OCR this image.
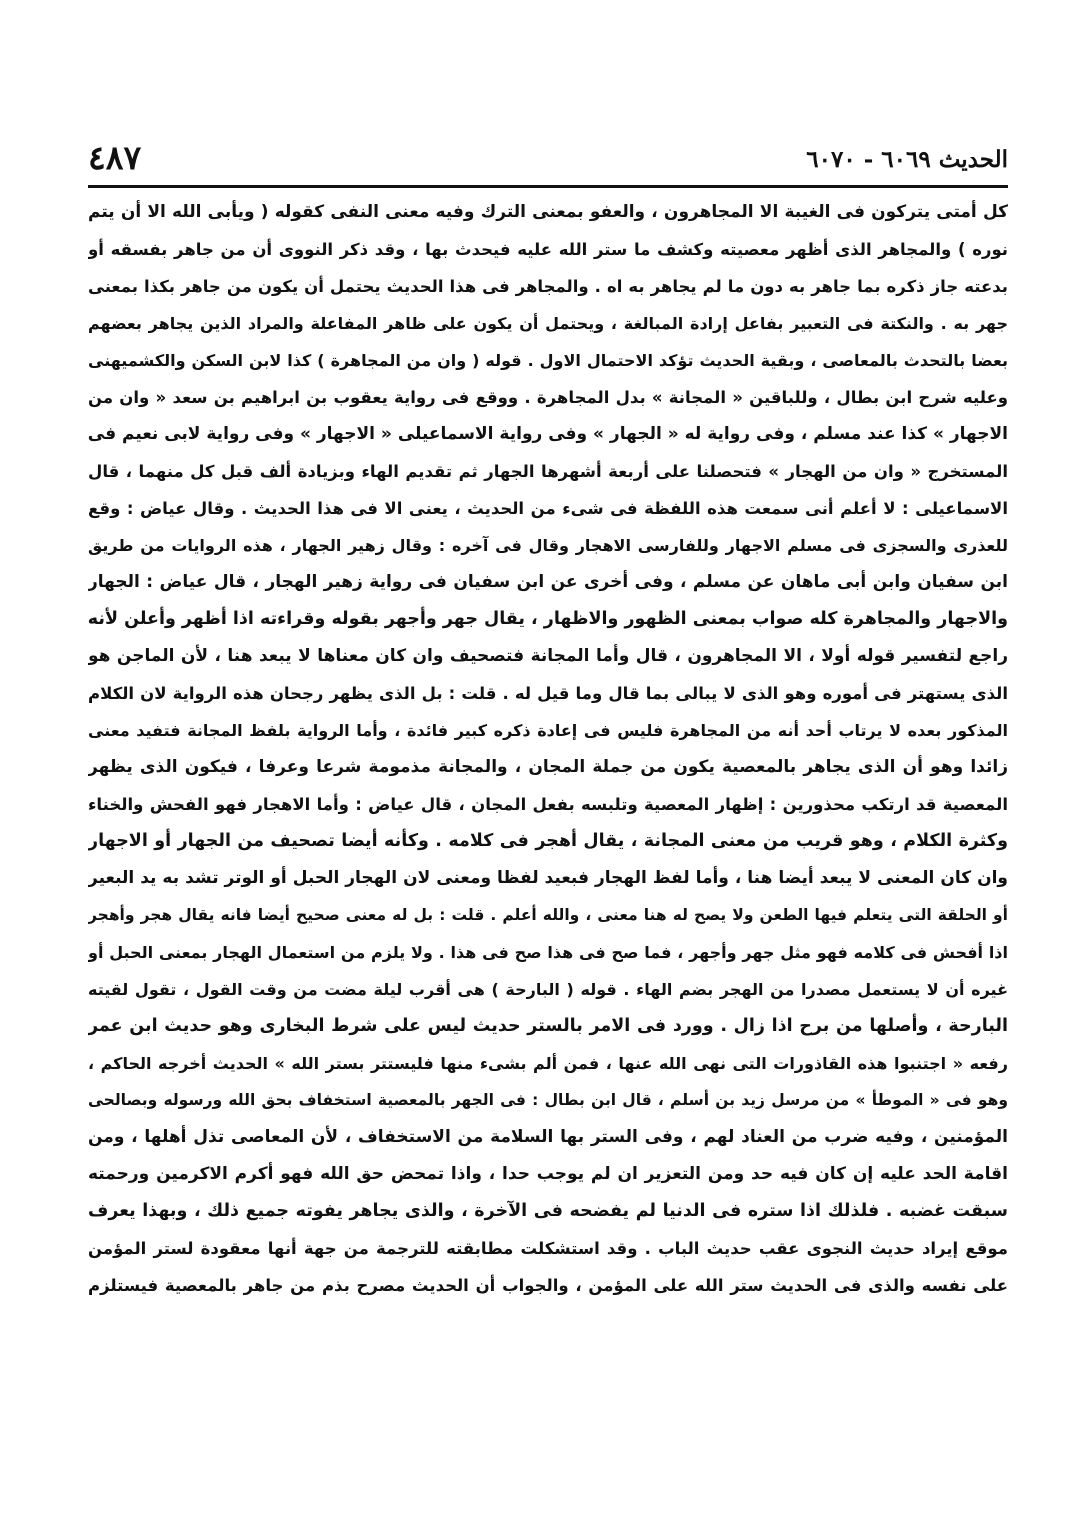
الحديث ٦٠٦٩ - ٦٠٧٠
٤٨٧
كل أمتى يتركون فى الغيبة الا المجاهرون ، والعفو بمعنى الترك وفيه معنى النفى كقوله ( ويأبى الله الا أن يتم
نوره ) والمجاهر الذى أظهر معصيته وكشف ما ستر الله عليه فيحدث بها ، وقد ذكر النووى أن من جاهر بفسقه أو
بدعته جاز ذكره بما جاهر به دون ما لم يجاهر به اه . والمجاهر فى هذا الحديث يحتمل أن يكون من جاهر بكذا بمعنى
جهر به . والنكتة فى التعبير بفاعل إرادة المبالغة ، ويحتمل أن يكون على ظاهر المفاعلة والمراد الذين يجاهر بعضهم
بعضا بالتحدث بالمعاصى ، وبقية الحديث تؤكد الاحتمال الاول . قوله ( وان من المجاهرة ) كذا لابن السكن والكشميهنى
وعليه شرح ابن بطال ، وللباقين « المجانة » بدل المجاهرة . ووقع فى رواية يعقوب بن ابراهيم بن سعد « وان من
الاجهار » كذا عند مسلم ، وفى رواية له « الجهار » وفى رواية الاسماعيلى « الاجهار » وفى رواية لابى نعيم فى
المستخرج « وان من الهجار » فتحصلنا على أربعة أشهرها الجهار ثم تقديم الهاء وبزيادة ألف قبل كل منهما ، قال
الاسماعيلى : لا أعلم أنى سمعت هذه اللفظة فى شىء من الحديث ، يعنى الا فى هذا الحديث . وقال عياض : وقع
للعذرى والسجزى فى مسلم الاجهار وللفارسى الاهجار وقال فى آخره : وقال زهير الجهار ، هذه الروايات من طريق
ابن سفيان وابن أبى ماهان عن مسلم ، وفى أخرى عن ابن سفيان فى رواية زهير الهجار ، قال عياض : الجهار
والاجهار والمجاهرة كله صواب بمعنى الظهور والاظهار ، يقال جهر وأجهر بقوله وقراءته اذا أظهر وأعلن لأنه
راجع لتفسير قوله أولا ، الا المجاهرون ، قال وأما المجانة فتصحيف وان كان معناها لا يبعد هنا ، لأن الماجن هو
الذى يستهتر فى أموره وهو الذى لا يبالى بما قال وما قيل له . قلت : بل الذى يظهر رجحان هذه الرواية لان الكلام
المذكور بعده لا يرتاب أحد أنه من المجاهرة فليس فى إعادة ذكره كبير فائدة ، وأما الرواية بلفظ المجانة فتفيد معنى
زائدا وهو أن الذى يجاهر بالمعصية يكون من جملة المجان ، والمجانة مذمومة شرعا وعرفا ، فيكون الذى يظهر
المعصية قد ارتكب محذورين : إظهار المعصية وتلبسه بفعل المجان ، قال عياض : وأما الاهجار فهو الفحش والخناء
وكثرة الكلام ، وهو قريب من معنى المجانة ، يقال أهجر فى كلامه . وكأنه أيضا تصحيف من الجهار أو الاجهار
وان كان المعنى لا يبعد أيضا هنا ، وأما لفظ الهجار فبعيد لفظا ومعنى لان الهجار الحبل أو الوتر تشد به يد البعير
أو الحلقة التى يتعلم فيها الطعن ولا يصح له هنا معنى ، والله أعلم . قلت : بل له معنى صحيح أيضا فانه يقال هجر وأهجر
اذا أفحش فى كلامه فهو مثل جهر وأجهر ، فما صح فى هذا صح فى هذا . ولا يلزم من استعمال الهجار بمعنى الحبل أو
غيره أن لا يستعمل مصدرا من الهجر بضم الهاء . قوله ( البارحة ) هى أقرب ليلة مضت من وقت القول ، تقول لقيته
البارحة ، وأصلها من برح اذا زال . وورد فى الامر بالستر حديث ليس على شرط البخارى وهو حديث ابن عمر
رفعه « اجتنبوا هذه القاذورات التى نهى الله عنها ، فمن ألم بشىء منها فليستتر بستر الله » الحديث أخرجه الحاكم ،
وهو فى « الموطأ » من مرسل زيد بن أسلم ، قال ابن بطال : فى الجهر بالمعصية استخفاف بحق الله ورسوله وبصالحى
المؤمنين ، وفيه ضرب من العناد لهم ، وفى الستر بها السلامة من الاستخفاف ، لأن المعاصى تذل أهلها ، ومن
اقامة الحد عليه إن كان فيه حد ومن التعزير ان لم يوجب حدا ، واذا تمحض حق الله فهو أكرم الاكرمين ورحمته
سبقت غضبه . فلذلك اذا ستره فى الدنيا لم يفضحه فى الآخرة ، والذى يجاهر يفوته جميع ذلك ، وبهذا يعرف
موقع إيراد حديث النجوى عقب حديث الباب . وقد استشكلت مطابقته للترجمة من جهة أنها معقودة لستر المؤمن
على نفسه والذى فى الحديث ستر الله على المؤمن ، والجواب أن الحديث مصرح بذم من جاهر بالمعصية فيستلزم
